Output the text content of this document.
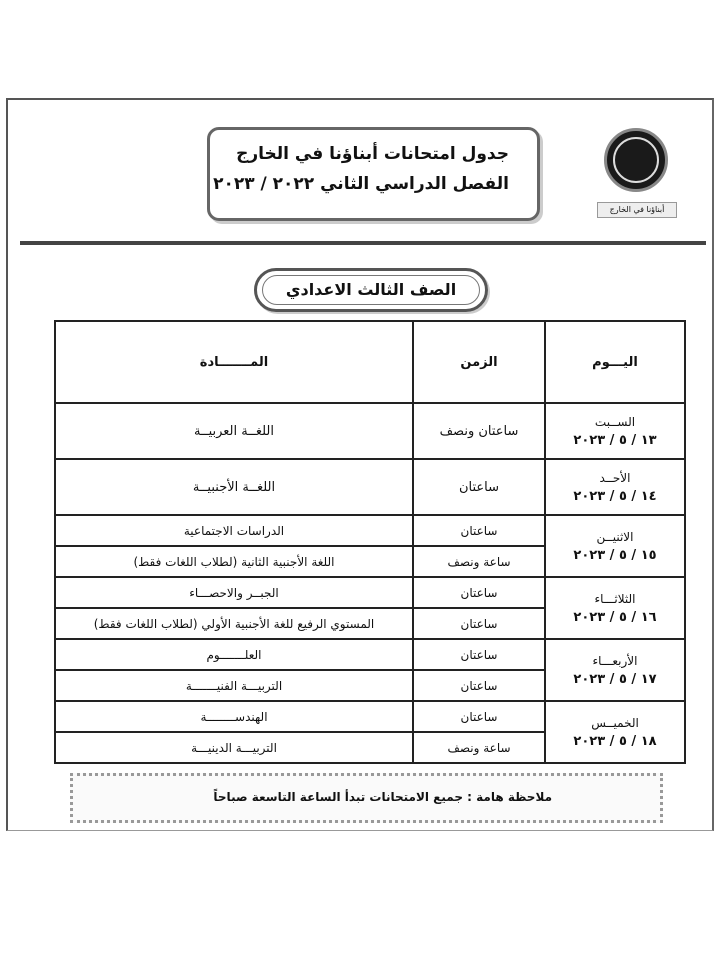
جدول امتحانات أبناؤنا في الخارج
الفصل الدراسي الثاني ٢٠٢٢ / ٢٠٢٣
أبناؤنا في الخارج
الصف الثالث الاعدادي
اليـــوم	الزمن	المـــــــادة

الســبت
١٣ / ٥ / ٢٠٢٣	ساعتان ونصف	اللغــة العربيــة

الأحــد
١٤ / ٥ / ٢٠٢٣	ساعتان	اللغــة الأجنبيــة

الاثنيــن
١٥ / ٥ / ٢٠٢٣	ساعتان	الدراسات الاجتماعية
	ساعة ونصف	اللغة الأجنبية الثانية (لطلاب اللغات فقط)

الثلاثـــاء
١٦ / ٥ / ٢٠٢٣	ساعتان	الجبــر والاحصـــاء
	ساعتان	المستوي الرفيع للغة الأجنبية الأولي (لطلاب اللغات فقط)

الأربعـــاء
١٧ / ٥ / ٢٠٢٣	ساعتان	العلـــــــوم
	ساعتان	التربيـــة الفنيـــــــة

الخميــس
١٨ / ٥ / ٢٠٢٣	ساعتان	الهندســــــــة
	ساعة ونصف	التربيـــة الدينيـــة
ملاحظة هامة : جميع الامتحانات تبدأ الساعة التاسعة صباحاً
